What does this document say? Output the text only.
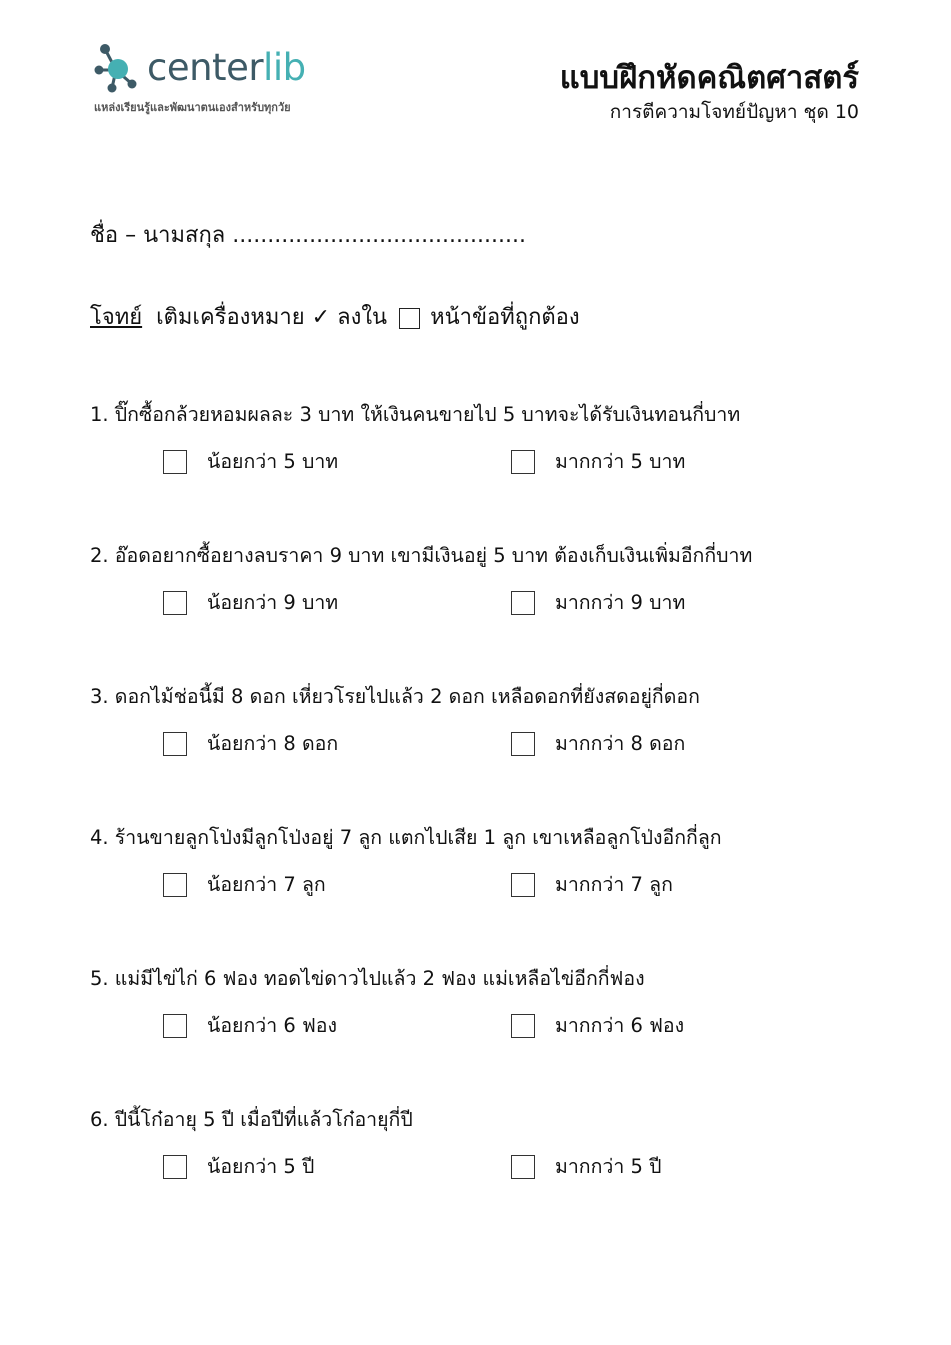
centerlib
แหล่งเรียนรู้และพัฒนาตนเองสำหรับทุกวัย
แบบฝึกหัดคณิตศาสตร์
การตีความโจทย์ปัญหา ชุด 10
ชื่อ – นามสกุล ..........................................
โจทย์ เติมเครื่องหมาย ✓ ลงใน หน้าข้อที่ถูกต้อง
1. ปิ๊กซื้อกล้วยหอมผลละ 3 บาท ให้เงินคนขายไป 5 บาทจะได้รับเงินทอนกี่บาท
น้อยกว่า 5 บาท	มากกว่า 5 บาท
2. อ๊อดอยากซื้อยางลบราคา 9 บาท เขามีเงินอยู่ 5 บาท ต้องเก็บเงินเพิ่มอีกกี่บาท
น้อยกว่า 9 บาท	มากกว่า 9 บาท
3. ดอกไม้ช่อนี้มี 8 ดอก เหี่ยวโรยไปแล้ว 2 ดอก เหลือดอกที่ยังสดอยู่กี่ดอก
น้อยกว่า 8 ดอก	มากกว่า 8 ดอก
4. ร้านขายลูกโป่งมีลูกโป่งอยู่ 7 ลูก แตกไปเสีย 1 ลูก เขาเหลือลูกโป่งอีกกี่ลูก
น้อยกว่า 7 ลูก	มากกว่า 7 ลูก
5. แม่มีไข่ไก่ 6 ฟอง ทอดไข่ดาวไปแล้ว 2 ฟอง แม่เหลือไข่อีกกี่ฟอง
น้อยกว่า 6 ฟอง	มากกว่า 6 ฟอง
6. ปีนี้โก๋อายุ 5 ปี เมื่อปีที่แล้วโก๋อายุกี่ปี
น้อยกว่า 5 ปี	มากกว่า 5 ปี
